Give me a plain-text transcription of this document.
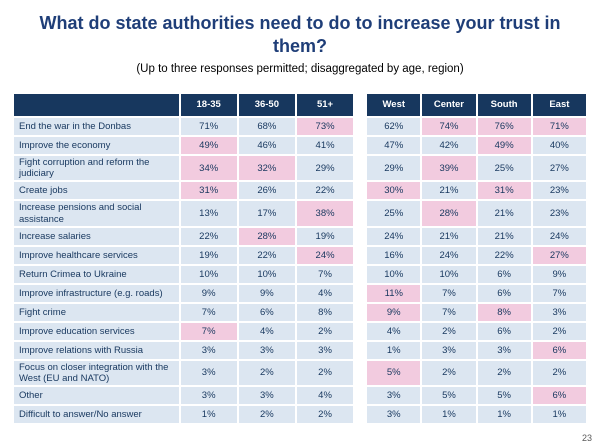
What do state authorities need to do to increase your trust in them?
(Up to three responses permitted; disaggregated by age, region)
	18-35	36-50	51+		West	Center	South	East
End the war in the Donbas	71%	68%	73%		62%	74%	76%	71%
Improve the economy	49%	46%	41%		47%	42%	49%	40%
Fight corruption and reform the judiciary	34%	32%	29%		29%	39%	25%	27%
Create jobs	31%	26%	22%		30%	21%	31%	23%
Increase pensions and social assistance	13%	17%	38%		25%	28%	21%	23%
Increase salaries	22%	28%	19%		24%	21%	21%	24%
Improve healthcare services	19%	22%	24%		16%	24%	22%	27%
Return Crimea to Ukraine	10%	10%	7%		10%	10%	6%	9%
Improve infrastructure (e.g. roads)	9%	9%	4%		11%	7%	6%	7%
Fight crime	7%	6%	8%		9%	7%	8%	3%
Improve education services	7%	4%	2%		4%	2%	6%	2%
Improve relations with Russia	3%	3%	3%		1%	3%	3%	6%
Focus on closer integration with the West (EU and NATO)	3%	2%	2%		5%	2%	2%	2%
Other	3%	3%	4%		3%	5%	5%	6%
Difficult to answer/No answer	1%	2%	2%		3%	1%	1%	1%
23
